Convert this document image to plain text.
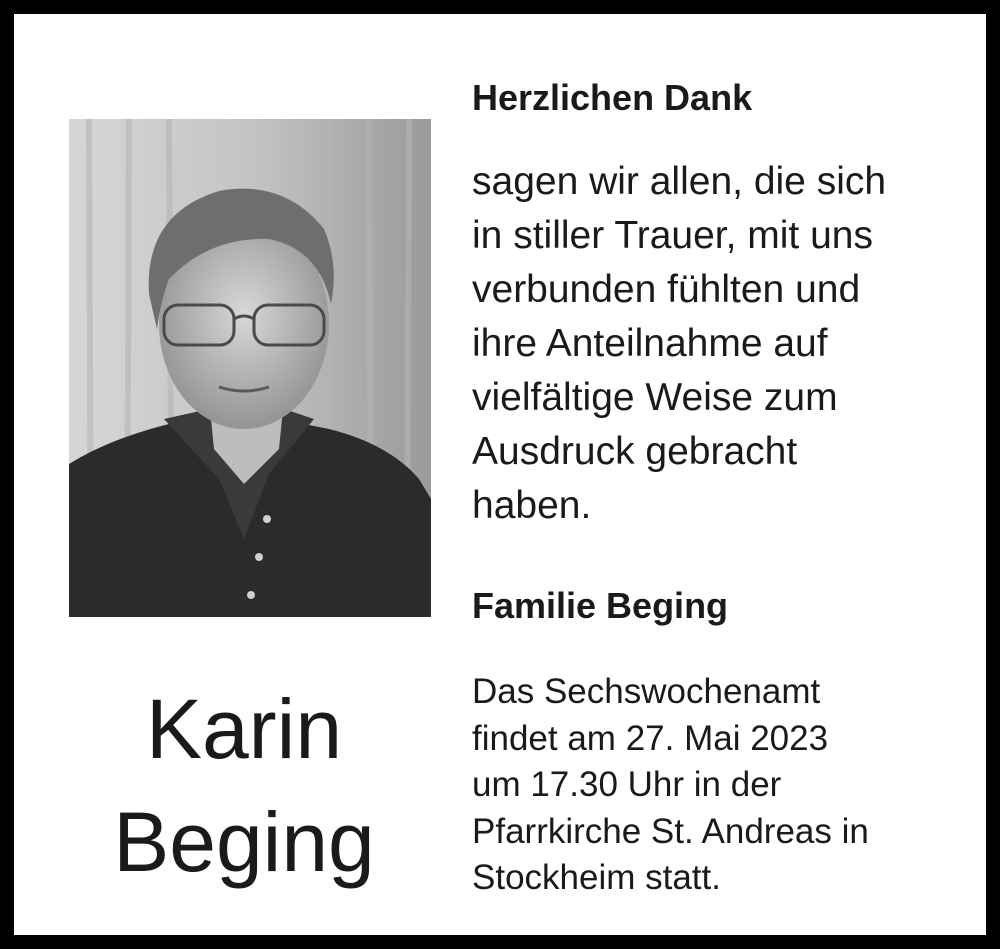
Karin

Beging

Herzlichen Dank

sagen wir allen, die sich
in stiller Trauer, mit uns
verbunden fühlten und
ihre Anteilnahme auf
vielfältige Weise zum
Ausdruck gebracht
haben.

Familie Beging

Das Sechswochenamt
findet am 27. Mai 2023
um 17.30 Uhr in der
Pfarrkirche St. Andreas in
Stockheim statt.
